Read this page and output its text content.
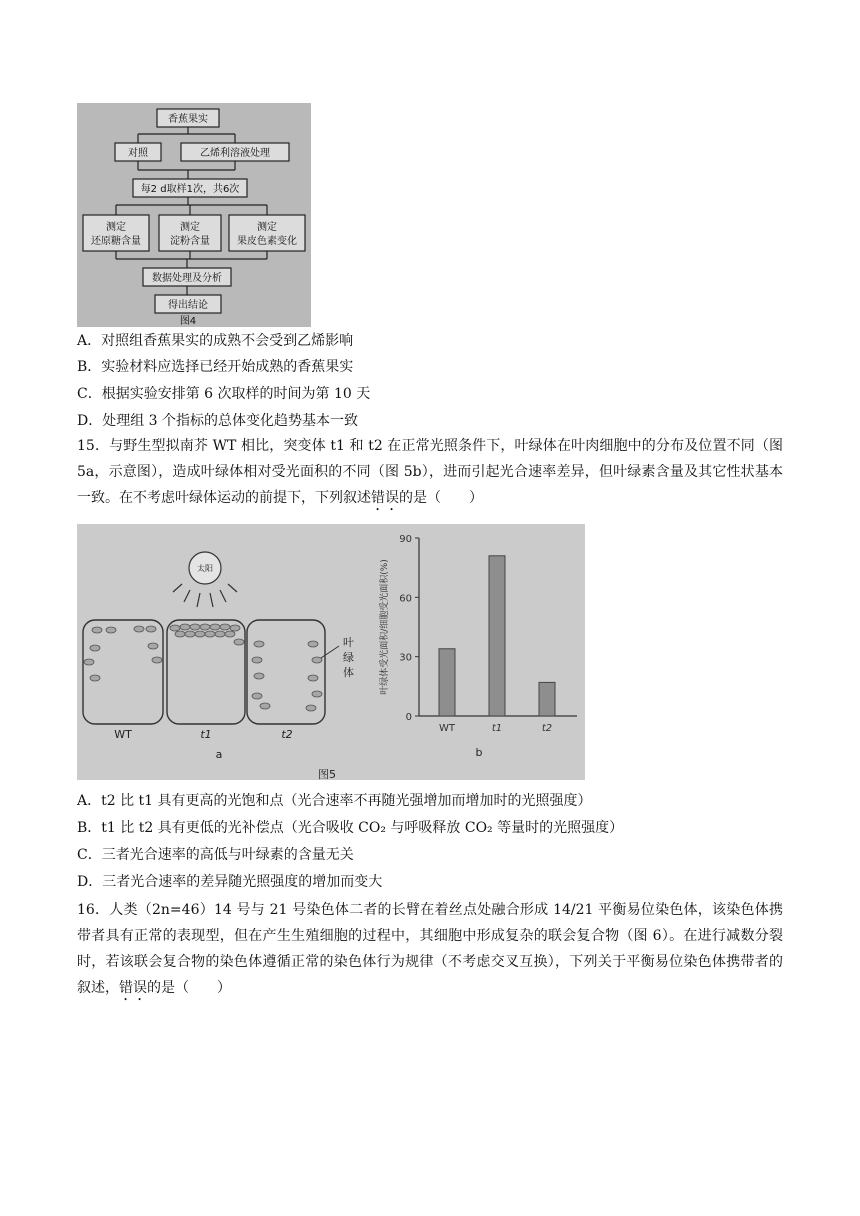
香蕉果实
对照	乙烯利溶液处理
每2 d取样1次，共6次
测定
还原糖含量
测定
淀粉含量
测定
果皮色素变化
数据处理及分析
得出结论
图4
A．对照组香蕉果实的成熟不会受到乙烯影响
B．实验材料应选择已经开始成熟的香蕉果实
C．根据实验安排第 6 次取样的时间为第 10 天
D．处理组 3 个指标的总体变化趋势基本一致
15．与野生型拟南芥 WT 相比，突变体 t1 和 t2 在正常光照条件下，叶绿体在叶肉细胞中的分布及位置不同（图 5a，示意图），造成叶绿体相对受光面积的不同（图 5b），进而引起光合速率差异，但叶绿素含量及其它性状基本一致。在不考虑叶绿体运动的前提下，下列叙述错误的是（　　）
太阳
叶
绿
体
WT	t1	t2
a	b
图5
叶绿体受光面积/细胞受光面积(%)
0
30
60
90
WT	t1	t2
A．t2 比 t1 具有更高的光饱和点（光合速率不再随光强增加而增加时的光照强度）
B．t1 比 t2 具有更低的光补偿点（光合吸收 CO₂ 与呼吸释放 CO₂ 等量时的光照强度）
C．三者光合速率的高低与叶绿素的含量无关
D．三者光合速率的差异随光照强度的增加而变大
16．人类（2n=46）14 号与 21 号染色体二者的长臂在着丝点处融合形成 14/21 平衡易位染色体，该染色体携带者具有正常的表现型，但在产生生殖细胞的过程中，其细胞中形成复杂的联会复合物（图 6）。在进行减数分裂时，若该联会复合物的染色体遵循正常的染色体行为规律（不考虑交叉互换），下列关于平衡易位染色体携带者的叙述，错误的是（　　）
